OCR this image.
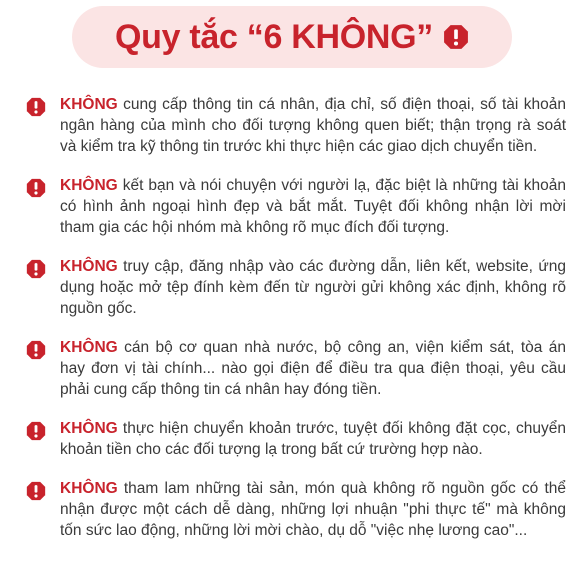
Quy tắc “6 KHÔNG”
KHÔNG cung cấp thông tin cá nhân, địa chỉ, số điện thoại, số tài khoản ngân hàng của mình cho đối tượng không quen biết; thận trọng rà soát và kiểm tra kỹ thông tin trước khi thực hiện các giao dịch chuyển tiền.
KHÔNG kết bạn và nói chuyện với người lạ, đặc biệt là những tài khoản có hình ảnh ngoại hình đẹp và bắt mắt. Tuyệt đối không nhận lời mời tham gia các hội nhóm mà không rõ mục đích đối tượng.
KHÔNG truy cập, đăng nhập vào các đường dẫn, liên kết, website, ứng dụng hoặc mở tệp đính kèm đến từ người gửi không xác định, không rõ nguồn gốc.
KHÔNG cán bộ cơ quan nhà nước, bộ công an, viện kiểm sát, tòa án hay đơn vị tài chính... nào gọi điện để điều tra qua điện thoại, yêu cầu phải cung cấp thông tin cá nhân hay đóng tiền.
KHÔNG thực hiện chuyển khoản trước, tuyệt đối không đặt cọc, chuyển khoản tiền cho các đối tượng lạ trong bất cứ trường hợp nào.
KHÔNG tham lam những tài sản, món quà không rõ nguồn gốc có thể nhận được một cách dễ dàng, những lợi nhuận "phi thực tế" mà không tốn sức lao động, những lời mời chào, dụ dỗ "việc nhẹ lương cao"...
